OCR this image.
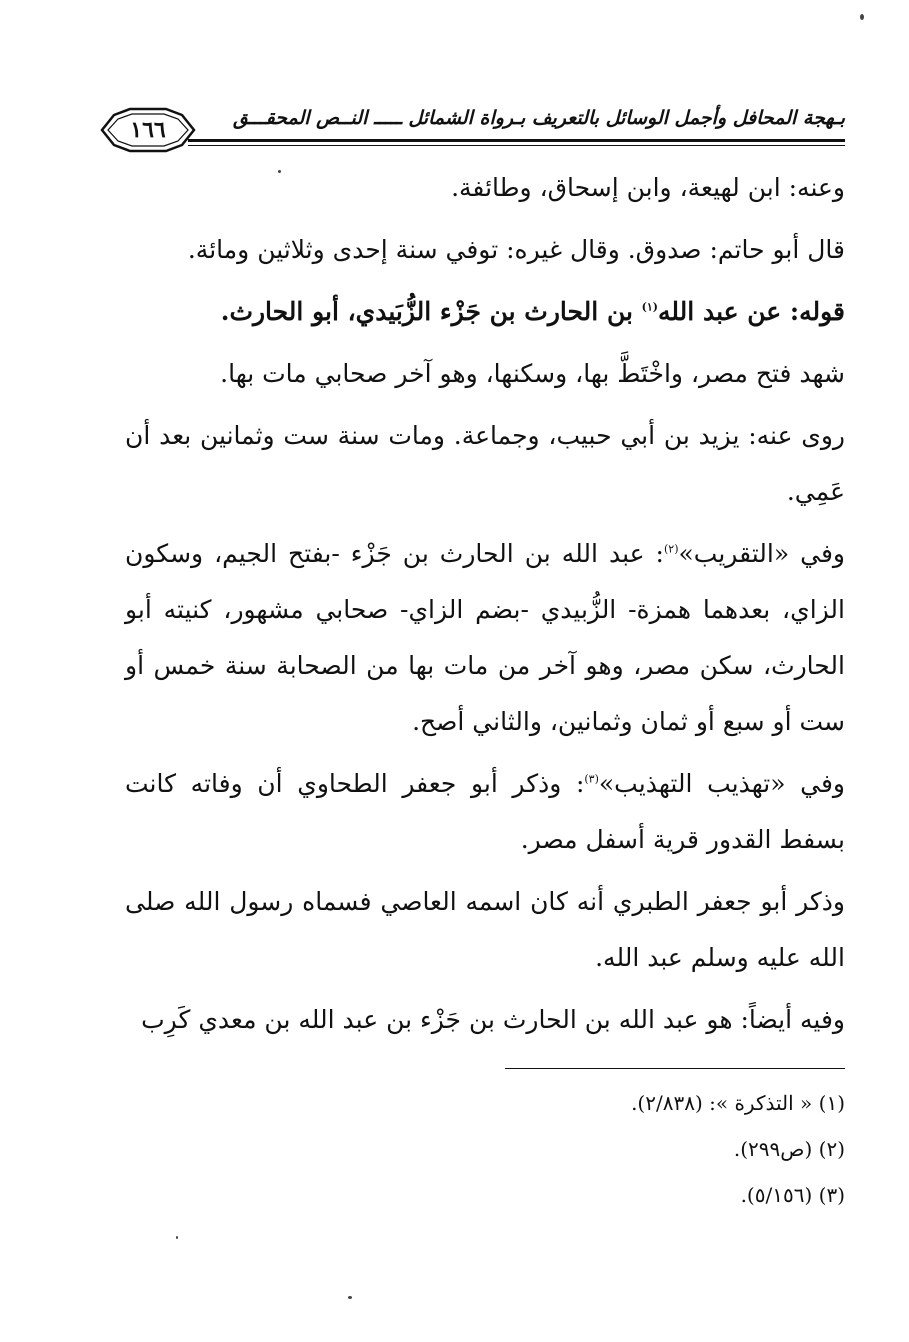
بـهجة المحافل وأجمل الوسائل بالتعريف بـرواة الشمائل ـــــ النــص المحقـــق
١٦٦

وعنه: ابن لهيعة، وابن إسحاق، وطائفة.

قال أبو حاتم: صدوق. وقال غيره: توفي سنة إحدى وثلاثين ومائة.

قوله: عن عبد الله$^{(١)}$ بن الحارث بن جَزْء الزُّبَيدي، أبو الحارث.

شهد فتح مصر، واخْتَطَّ بها، وسكنها، وهو آخر صحابي مات بها.

روى عنه: يزيد بن أبي حبيب، وجماعة. ومات سنة ست وثمانين بعد أن عَمِي.

وفي «التقريب»$^{(٢)}$: عبد الله بن الحارث بن جَزْء -بفتح الجيم، وسكون الزاي، بعدهما همزة- الزُّبيدي -بضم الزاي- صحابي مشهور، كنيته أبو الحارث، سكن مصر، وهو آخر من مات بها من الصحابة سنة خمس أو ست أو سبع أو ثمان وثمانين، والثاني أصح.

وفي «تهذيب التهذيب»$^{(٣)}$: وذكر أبو جعفر الطحاوي أن وفاته كانت بسفط القدور قرية أسفل مصر.

وذكر أبو جعفر الطبري أنه كان اسمه العاصي فسماه رسول الله صلى الله عليه وسلم عبد الله.

وفيه أيضاً: هو عبد الله بن الحارث بن جَزْء بن عبد الله بن معدي كَرِب

(١) « التذكرة »: (٢/٨٣٨).

(٢) (ص٢٩٩).

(٣) (٥/١٥٦).
